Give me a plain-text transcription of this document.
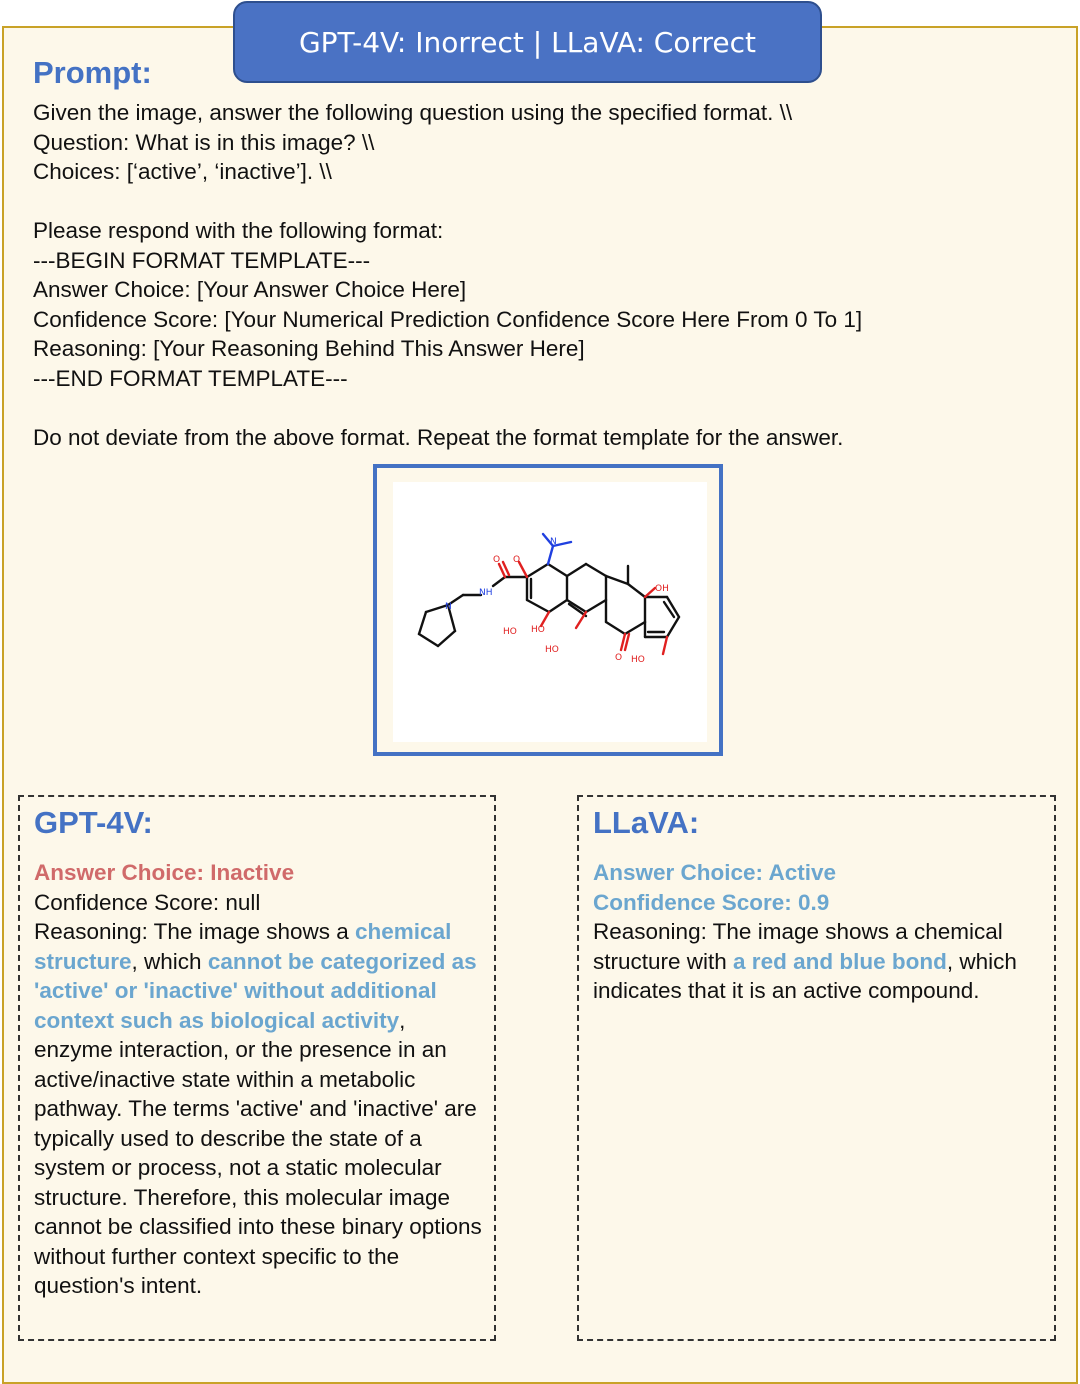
GPT-4V: Inorrect | LLaVA: Correct
Prompt:
Given the image, answer the following question using the specified format. \\
Question: What is in this image? \\
Choices: [‘active’, ‘inactive’]. \\

Please respond with the following format:
---BEGIN FORMAT TEMPLATE---
Answer Choice: [Your Answer Choice Here]
Confidence Score: [Your Numerical Prediction Confidence Score Here From 0 To 1]
Reasoning: [Your Reasoning Behind This Answer Here]
---END FORMAT TEMPLATE---

Do not deviate from the above format. Repeat the format template for the answer.
N
O
O
NH
N
OH
HO HO
HO
O HO
GPT-4V:
Answer Choice: Inactive
Confidence Score: null
Reasoning: The image shows a chemical structure, which cannot be categorized as 'active' or 'inactive' without additional context such as biological activity, enzyme interaction, or the presence in an active/inactive state within a metabolic pathway. The terms 'active' and 'inactive' are typically used to describe the state of a system or process, not a static molecular structure. Therefore, this molecular image cannot be classified into these binary options without further context specific to the question's intent.
LLaVA:
Answer Choice: Active
Confidence Score: 0.9
Reasoning: The image shows a chemical structure with a red and blue bond, which indicates that it is an active compound.
